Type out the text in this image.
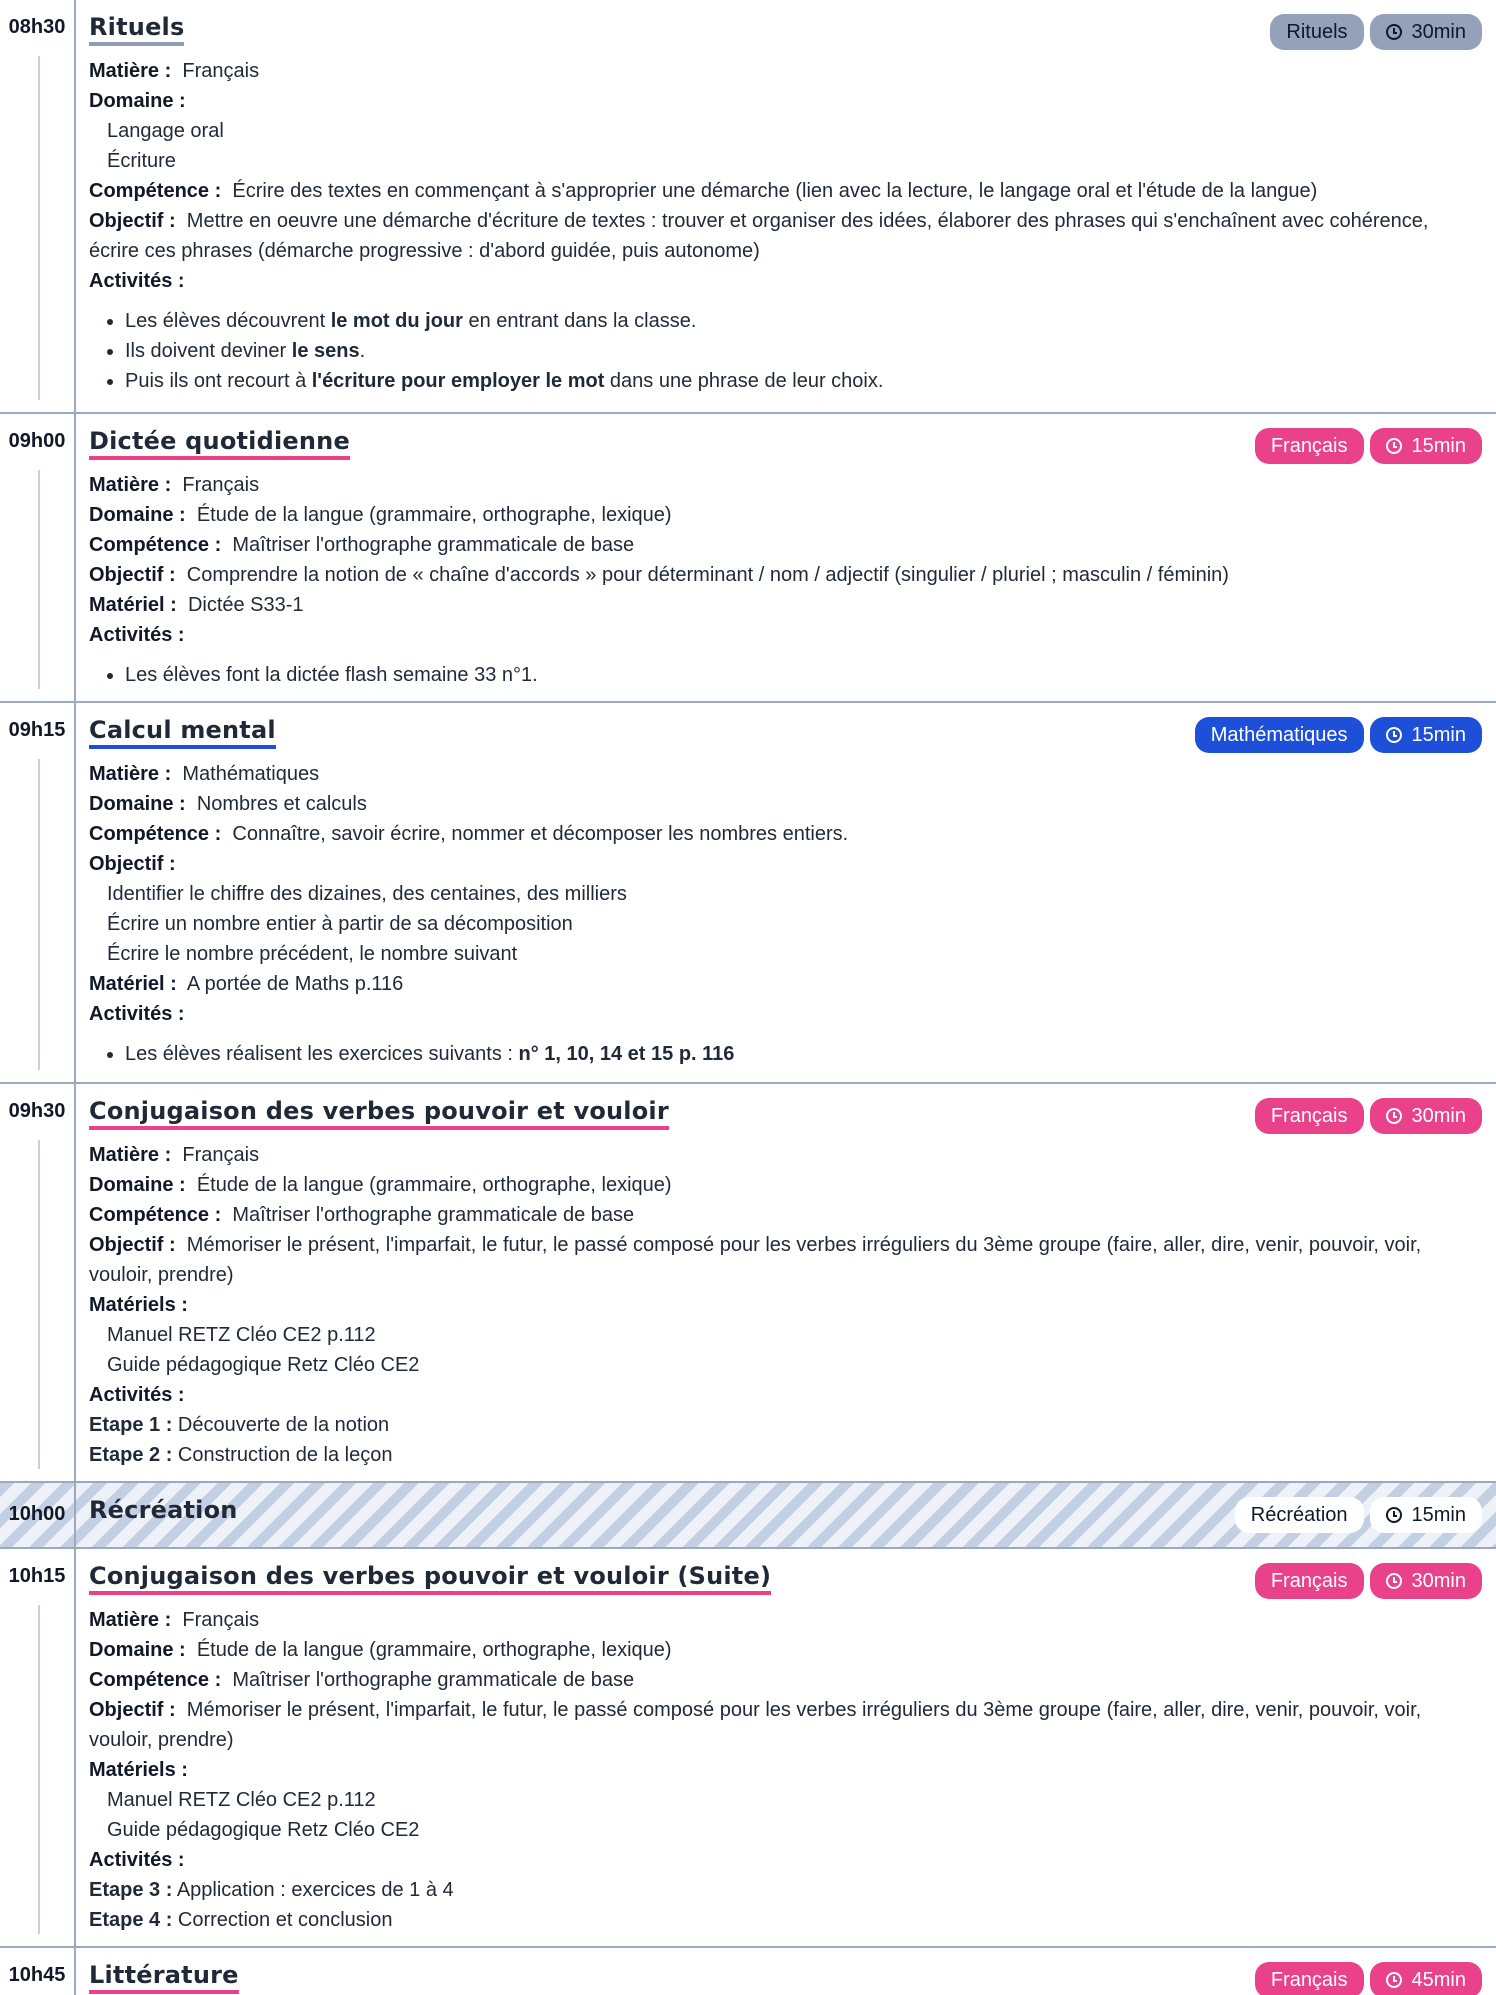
08h30 Rituels	Rituels	30min
Matière : Français
Domaine :
Langage oral
Écriture
Compétence : Écrire des textes en commençant à s'approprier une démarche (lien avec la lecture, le langage oral et l'étude de la langue)
Objectif : Mettre en oeuvre une démarche d'écriture de textes : trouver et organiser des idées, élaborer des phrases qui s'enchaînent avec cohérence, écrire ces phrases (démarche progressive : d'abord guidée, puis autonome)
Activités :
• Les élèves découvrent le mot du jour en entrant dans la classe.
• Ils doivent deviner le sens.
• Puis ils ont recourt à l'écriture pour employer le mot dans une phrase de leur choix.
09h00 Dictée quotidienne	Français	15min
Matière : Français
Domaine : Étude de la langue (grammaire, orthographe, lexique)
Compétence : Maîtriser l'orthographe grammaticale de base
Objectif : Comprendre la notion de « chaîne d'accords » pour déterminant / nom / adjectif (singulier / pluriel ; masculin / féminin)
Matériel : Dictée S33-1
Activités :
• Les élèves font la dictée flash semaine 33 n°1.
09h15 Calcul mental	Mathématiques	15min
Matière : Mathématiques
Domaine : Nombres et calculs
Compétence : Connaître, savoir écrire, nommer et décomposer les nombres entiers.
Objectif :
Identifier le chiffre des dizaines, des centaines, des milliers
Écrire un nombre entier à partir de sa décomposition
Écrire le nombre précédent, le nombre suivant
Matériel : A portée de Maths p.116
Activités :
• Les élèves réalisent les exercices suivants : n° 1, 10, 14 et 15 p. 116
09h30 Conjugaison des verbes pouvoir et vouloir	Français	30min
Matière : Français
Domaine : Étude de la langue (grammaire, orthographe, lexique)
Compétence : Maîtriser l'orthographe grammaticale de base
Objectif : Mémoriser le présent, l'imparfait, le futur, le passé composé pour les verbes irréguliers du 3ème groupe (faire, aller, dire, venir, pouvoir, voir, vouloir, prendre)
Matériels :
Manuel RETZ Cléo CE2 p.112
Guide pédagogique Retz Cléo CE2
Activités :
Etape 1 : Découverte de la notion
Etape 2 : Construction de la leçon
10h00 Récréation	Récréation	15min
10h15 Conjugaison des verbes pouvoir et vouloir (Suite)	Français	30min
Matière : Français
Domaine : Étude de la langue (grammaire, orthographe, lexique)
Compétence : Maîtriser l'orthographe grammaticale de base
Objectif : Mémoriser le présent, l'imparfait, le futur, le passé composé pour les verbes irréguliers du 3ème groupe (faire, aller, dire, venir, pouvoir, voir, vouloir, prendre)
Matériels :
Manuel RETZ Cléo CE2 p.112
Guide pédagogique Retz Cléo CE2
Activités :
Etape 3 : Application : exercices de 1 à 4
Etape 4 : Correction et conclusion
10h45 Littérature	Français	45min
